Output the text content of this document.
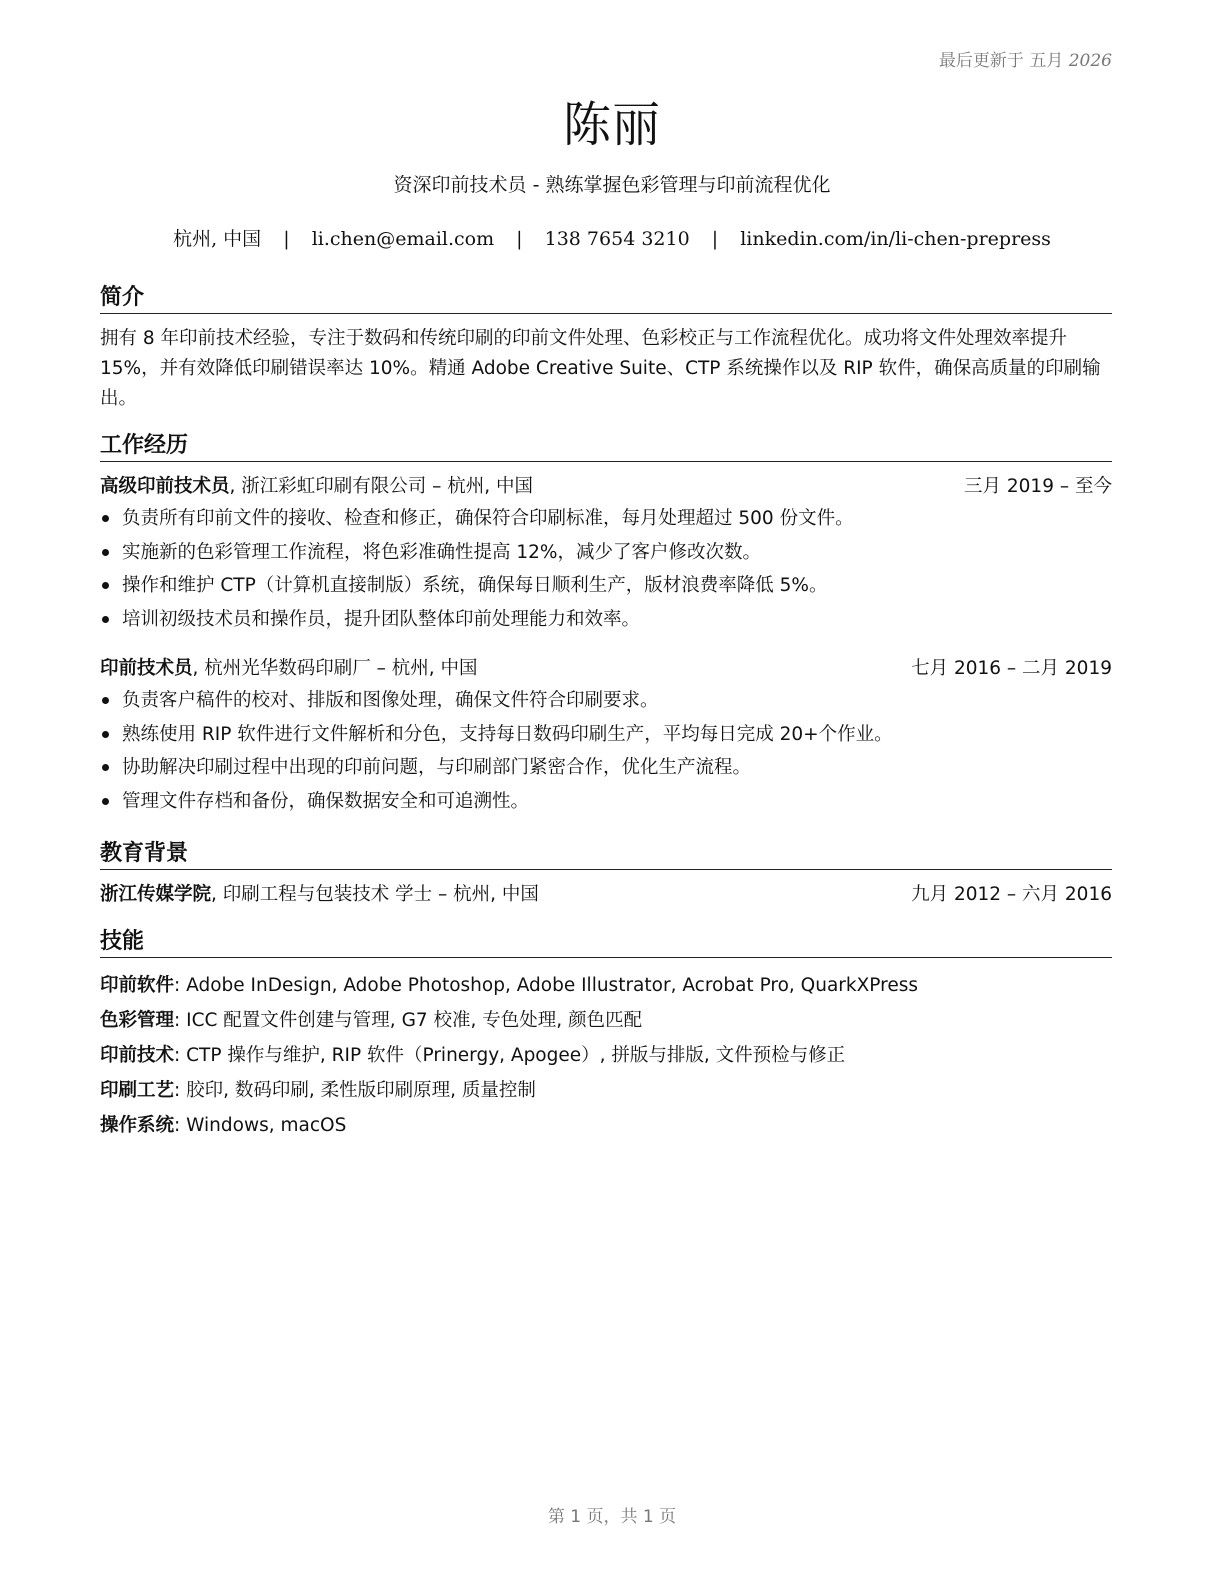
最后更新于 五月 2026
陈丽
资深印前技术员 - 熟练掌握色彩管理与印前流程优化
杭州, 中国 | li.chen@email.com | 138 7654 3210 | linkedin.com/in/li-chen-prepress
简介
拥有 8 年印前技术经验，专注于数码和传统印刷的印前文件处理、色彩校正与工作流程优化。成功将文件处理效率提升 15%，并有效降低印刷错误率达 10%。精通 Adobe Creative Suite、CTP 系统操作以及 RIP 软件，确保高质量的印刷输出。
工作经历
高级印前技术员, 浙江彩虹印刷有限公司 – 杭州, 中国	三月 2019 – 至今
负责所有印前文件的接收、检查和修正，确保符合印刷标准，每月处理超过 500 份文件。
实施新的色彩管理工作流程，将色彩准确性提高 12%，减少了客户修改次数。
操作和维护 CTP（计算机直接制版）系统，确保每日顺利生产，版材浪费率降低 5%。
培训初级技术员和操作员，提升团队整体印前处理能力和效率。
印前技术员, 杭州光华数码印刷厂 – 杭州, 中国	七月 2016 – 二月 2019
负责客户稿件的校对、排版和图像处理，确保文件符合印刷要求。
熟练使用 RIP 软件进行文件解析和分色，支持每日数码印刷生产，平均每日完成 20+个作业。
协助解决印刷过程中出现的印前问题，与印刷部门紧密合作，优化生产流程。
管理文件存档和备份，确保数据安全和可追溯性。
教育背景
浙江传媒学院, 印刷工程与包装技术 学士 – 杭州, 中国	九月 2012 – 六月 2016
技能
印前软件: Adobe InDesign, Adobe Photoshop, Adobe Illustrator, Acrobat Pro, QuarkXPress
色彩管理: ICC 配置文件创建与管理, G7 校准, 专色处理, 颜色匹配
印前技术: CTP 操作与维护, RIP 软件（Prinergy, Apogee）, 拼版与排版, 文件预检与修正
印刷工艺: 胶印, 数码印刷, 柔性版印刷原理, 质量控制
操作系统: Windows, macOS
第 1 页，共 1 页
